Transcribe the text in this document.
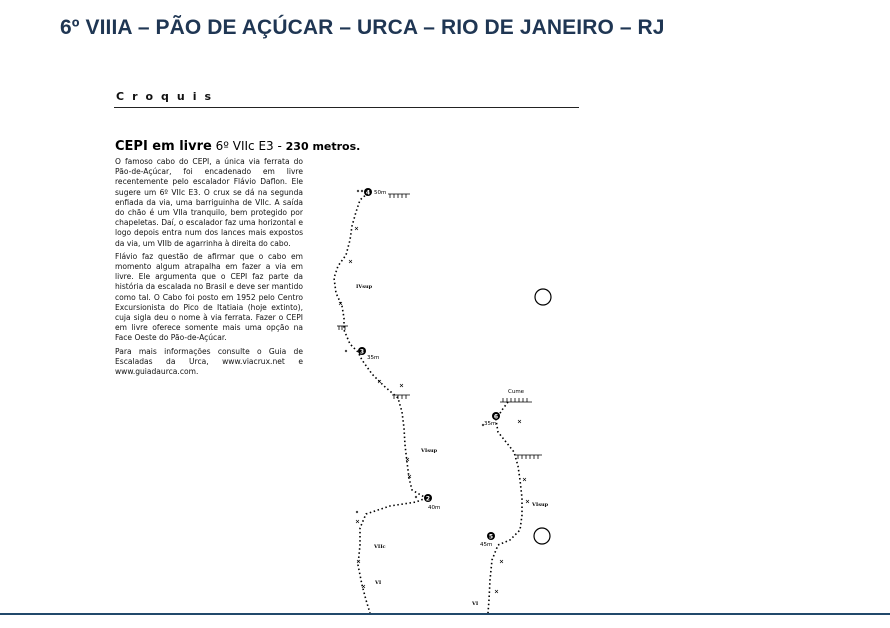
6º VIIIA – PÃO DE AÇÚCAR – URCA – RIO DE JANEIRO – RJ
Croquis
CEPI em livre 6º VIIc E3 - 230 metros.

O famoso cabo do CEPI, a única via ferrata do Pão-de-Açúcar, foi encadenado em livre recentemente pelo escalador Flávio Daflon. Ele sugere um 6º VIIc E3. O crux se dá na segunda enfiada da via, uma barriguinha de VIIc. A saída do chão é um VIIa tranquilo, bem protegido por chapeletas. Daí, o escalador faz uma horizontal e logo depois entra num dos lances mais expostos da via, um VIIb de agarrinha à direita do cabo.

Flávio faz questão de afirmar que o cabo em momento algum atrapalha em fazer a via em livre. Ele argumenta que o CEPI faz parte da história da escalada no Brasil e deve ser mantido como tal. O Cabo foi posto em 1952 pelo Centro Excursionista do Pico de Itatiaia (hoje extinto), cuja sigla deu o nome à via ferrata. Fazer o CEPI em livre oferece somente mais uma opção na Face Oeste do Pão-de-Açúcar.

Para mais informações consulte o Guia de Escaladas da Urca, www.viacrux.net e www.guiadaurca.com.

4 50m
3
35m
2
40m
6
35m
5
45m
Cume
IVsup
VIsup
VIIc
VI
VIsup
VI
